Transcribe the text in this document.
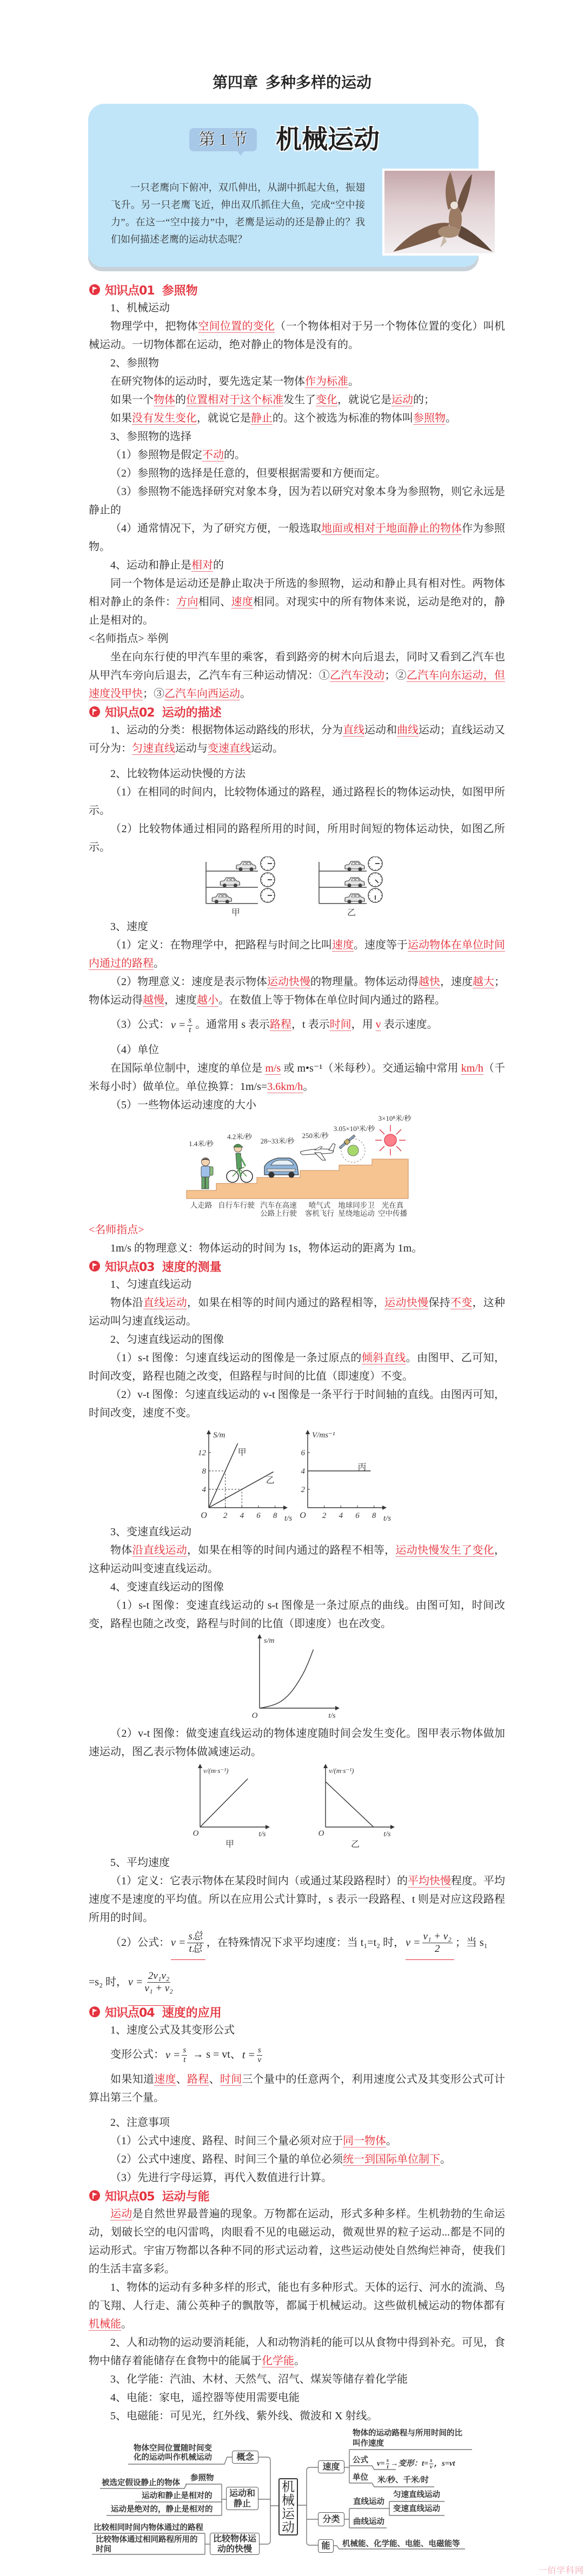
第四章 多种多样的运动
第 1 节	机械运动
一只老鹰向下俯冲，双爪伸出，从湖中抓起大鱼，振翅飞升。另一只老鹰飞近，伸出双爪抓住大鱼，完成“空中接力”。在这一“空中接力”中，老鹰是运动的还是静止的？我们如何描述老鹰的运动状态呢？
知识点01 参照物

1、机械运动

物理学中，把物体空间位置的变化（一个物体相对于另一个物体位置的变化）叫机械运动。一切物体都在运动，绝对静止的物体是没有的。

2、参照物

在研究物体的运动时，要先选定某一物体作为标准。

如果一个物体的位置相对于这个标准发生了变化，就说它是运动的；

如果没有发生变化，就说它是静止的。这个被选为标准的物体叫参照物。

3、参照物的选择

（1）参照物是假定不动的。

（2）参照物的选择是任意的，但要根据需要和方便而定。

（3）参照物不能选择研究对象本身，因为若以研究对象本身为参照物，则它永远是静止的

（4）通常情况下，为了研究方便，一般选取地面或相对于地面静止的物体作为参照物。

4、运动和静止是相对的

同一个物体是运动还是静止取决于所选的参照物，运动和静止具有相对性。两物体相对静止的条件：方向相同、速度相同。对现实中的所有物体来说，运动是绝对的，静止是相对的。

<名师指点> 举例

坐在向东行使的甲汽车里的乘客，看到路旁的树木向后退去，同时又看到乙汽车也从甲汽车旁向后退去，乙汽车有三种运动情况：①乙汽车没动；②乙汽车向东运动，但速度没甲快；③乙汽车向西运动。

知识点02 运动的描述

1、运动的分类：根据物体运动路线的形状，分为直线运动和曲线运动；直线运动又可分为：匀速直线运动与变速直线运动。

2、比较物体运动快慢的方法

（1）在相同的时间内，比较物体通过的路程，通过路程长的物体运动快，如图甲所示。

（2）比较物体通过相同的路程所用的时间，所用时间短的物体运动快，如图乙所示。

甲	乙

3、速度

（1）定义：在物理学中，把路程与时间之比叫速度。速度等于运动物体在单位时间内通过的路程。

（2）物理意义：速度是表示物体运动快慢的物理量。物体运动得越快，速度越大；物体运动得越慢，速度越小。在数值上等于物体在单位时间内通过的路程。

（3）公式： $v = \frac{s}{t}$ 。通常用 s 表示路程，t 表示时间，用 v 表示速度。

（4）单位

在国际单位制中，速度的单位是 m/s 或 m•s⁻¹（米每秒）。交通运输中常用 km/h（千米每小时）做单位。单位换算：1m/s=3.6km/h。

（5）一些物体运动速度的大小

1.4米/秒
4.2米/秒
28~33米/秒
250米/秒
3.05×10³米/秒
3×10⁸米/秒
人走路 自行车行驶 汽车在高速公路上行驶
喷气式客机飞行
地球同步卫星绕地运动
光在真空中传播

<名师指点>

1m/s 的物理意义：物体运动的时间为 1s，物体运动的距离为 1m。

知识点03 速度的测量

1、匀速直线运动

物体沿直线运动，如果在相等的时间内通过的路程相等，运动快慢保持不变，这种运动叫匀速直线运动。

2、匀速直线运动的图像

（1）s-t 图像：匀速直线运动的图像是一条过原点的倾斜直线。由图甲、乙可知，时间改变，路程也随之改变，但路程与时间的比值（即速度）不变。

（2）v-t 图像：匀速直线运动的 v-t 图像是一条平行于时间轴的直线。由图丙可知，时间改变，速度不变。

2 4 6 8
4
8
12	甲
乙
S/m
t/s
O	2 4 6 8
2
4
6
丙
V/ms⁻¹
t/s
O

3、变速直线运动

物体沿直线运动，如果在相等的时间内通过的路程不相等，运动快慢发生了变化，这种运动叫变速直线运动。

4、变速直线运动的图像

（1）s-t 图像：变速直线运动的 s-t 图像是一条过原点的曲线。由图可知，时间改变，路程也随之改变，路程与时间的比值（即速度）也在改变。

s/m
t/s
O

（2）v-t 图像：做变速直线运动的物体速度随时间会发生变化。图甲表示物体做加速运动，图乙表示物体做减速运动。

v/(m·s⁻¹)
t/s
O
甲
v/(m·s⁻¹)
t/s
O
乙

5、平均速度

（1）定义：它表示物体在某段时间内（或通过某段路程时）的平均快慢程度。平均速度不是速度的平均值。所以在应用公式计算时，s 表示一段路程、t 则是对应这段路程所用的时间。

（2）公式： $v = \frac{\text{s总}}{\text{t总}}$ ，在特殊情况下求平均速度：当 t₁=t₂ 时， $v = \frac{\text{v₁ + v₂}}{2}$ ；当 s₁

=s₂ 时， $v = \frac{\text{2v₁v₂}}{\text{v₁ + v₂}}$

知识点04 速度的应用

1、速度公式及其变形公式

变形公式： $v = \frac{s}{t} \to s$ = vt、 $t = \frac{s}{v}$

如果知道速度、路程、时间三个量中的任意两个，利用速度公式及其变形公式可计算出第三个量。

2、注意事项

（1）公式中速度、路程、时间三个量必须对应于同一物体。

（2）公式中速度、路程、时间三个量的单位必须统一到国际单位制下。

（3）先进行字母运算，再代入数值进行计算。

知识点05 运动与能

运动是自然世界最普遍的现象。万物都在运动，形式多种多样。生机勃勃的生命运动，划破长空的电闪雷鸣，肉眼看不见的电磁运动，微观世界的粒子运动...都是不同的运动形式。宇宙万物都以各种不同的形式运动着，这些运动使处自然绚烂神奇，使我们的生活丰富多彩。

1、物体的运动有多种多样的形式，能也有多种形式。天体的运行、河水的流淌、鸟的飞翔、人行走、蒲公英种子的飘散等，都属于机械运动。这些做机械运动的物体都有机械能。

2、人和动物的运动要消耗能，人和动物消耗的能可以从食物中得到补充。可见，食物中储存着能储存在食物中的能属于化学能。

3、化学能：汽油、木材、天然气、沼气、煤炭等储存着化学能

4、电能：家电，遥控器等使用需要电能

5、电磁能：可见光，红外线、紫外线、微波和 X 射线。

机械运动
概念
物体空间位置随时间变化的运动叫作机械运动
运动和静止
参照物
被选定假设静止的物体
运动和静止是相对的
运动是绝对的，静止是相对的
比较物体运动的快慢
比较相同时间内物体通过的路程
比较物体通过相同路程所用的时间
速度
物体的运动路程与所用时间的比叫作速度
公式 $v= \frac{s}{t}$ →变形： $t= \frac{s}{v}$ ，s=vt
单位 米/秒、千米/时
分类
直线运动
匀速直线运动
变速直线运动
曲线运动
能	机械能、化学能、电能、电磁能等
一佰学科网
